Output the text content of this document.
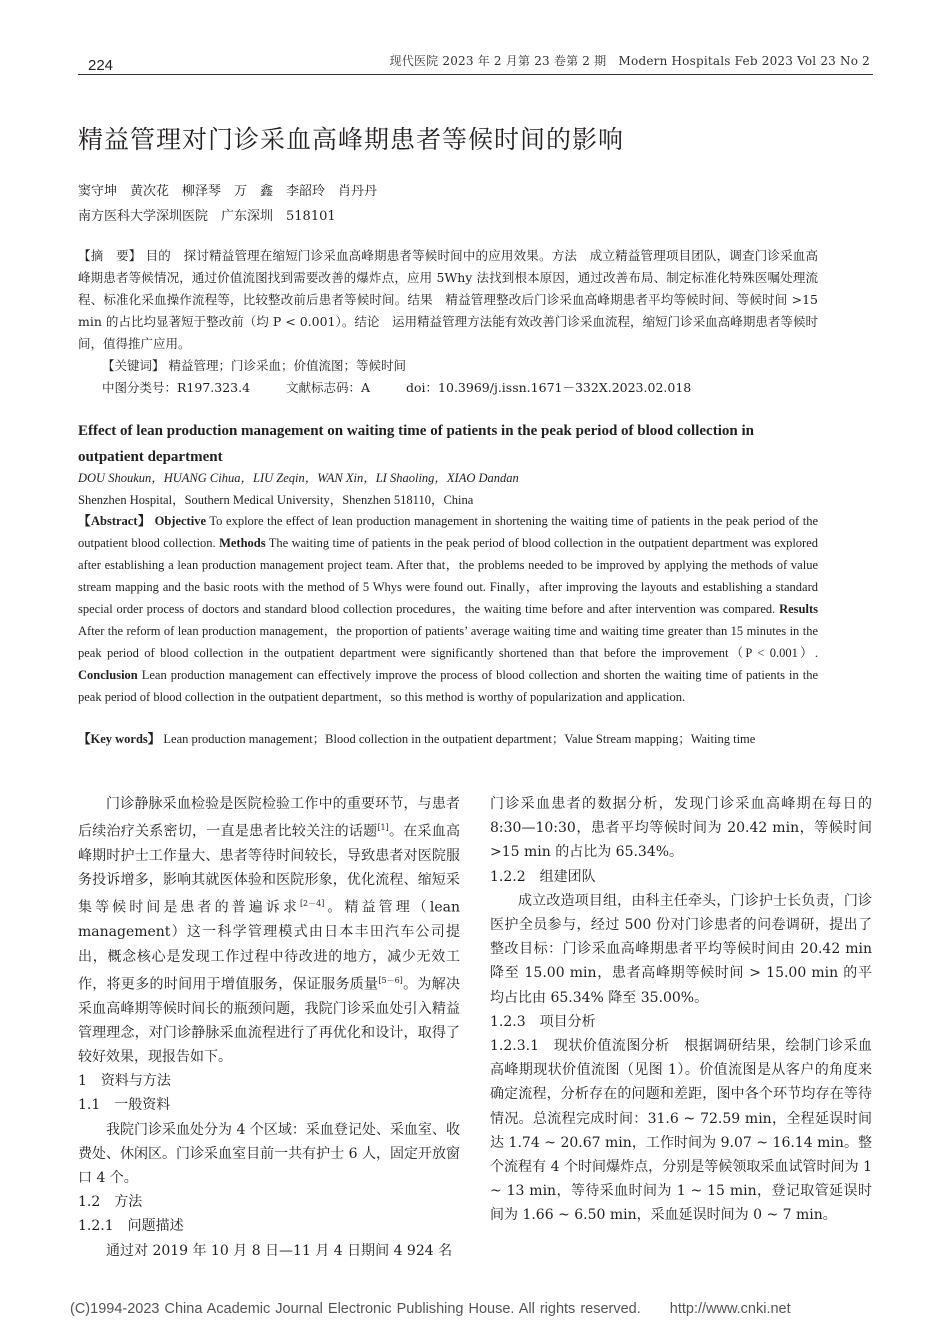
224	现代医院 2023 年 2 月第 23 卷第 2 期　Modern Hospitals Feb 2023 Vol 23 No 2
精益管理对门诊采血高峰期患者等候时间的影响
窦守坤　黄次花　柳泽琴　万　鑫　李韶玲　肖丹丹
南方医科大学深圳医院　广东深圳　518101
【摘　要】 目的　探讨精益管理在缩短门诊采血高峰期患者等候时间中的应用效果。方法　成立精益管理项目团队，调查门诊采血高峰期患者等候情况，通过价值流图找到需要改善的爆炸点，应用 5Why 法找到根本原因，通过改善布局、制定标准化特殊医嘱处理流程、标准化采血操作流程等，比较整改前后患者等候时间。结果　精益管理整改后门诊采血高峰期患者平均等候时间、等候时间 >15 min 的占比均显著短于整改前（均 P < 0.001）。结论　运用精益管理方法能有效改善门诊采血流程，缩短门诊采血高峰期患者等候时间，值得推广应用。
【关键词】 精益管理；门诊采血；价值流图；等候时间
中图分类号：R197.323.4	文献标志码：A	doi：10.3969/j.issn.1671－332X.2023.02.018
Effect of lean production management on waiting time of patients in the peak period of blood collection in outpatient department
DOU Shoukun，HUANG Cihua，LIU Zeqin，WAN Xin，LI Shaoling，XIAO Dandan
Shenzhen Hospital，Southern Medical University，Shenzhen 518110，China
【Abstract】 Objective To explore the effect of lean production management in shortening the waiting time of patients in the peak period of the outpatient blood collection. Methods The waiting time of patients in the peak period of blood collection in the outpatient department was explored after establishing a lean production management project team. After that，the problems needed to be improved by applying the methods of value stream mapping and the basic roots with the method of 5 Whys were found out. Finally，after improving the layouts and establishing a standard special order process of doctors and standard blood collection procedures，the waiting time before and after intervention was compared. Results After the reform of lean production management，the proportion of patients’ average waiting time and waiting time greater than 15 minutes in the peak period of blood collection in the outpatient department were significantly shortened than that before the improvement（P < 0.001）. Conclusion Lean production management can effectively improve the process of blood collection and shorten the waiting time of patients in the peak period of blood collection in the outpatient department，so this method is worthy of popularization and application.
【Key words】 Lean production management；Blood collection in the outpatient department；Value Stream mapping；Waiting time

门诊静脉采血检验是医院检验工作中的重要环节，与患者后续治疗关系密切，一直是患者比较关注的话题[1]。在采血高峰期时护士工作量大、患者等待时间较长，导致患者对医院服务投诉增多，影响其就医体验和医院形象，优化流程、缩短采集等候时间是患者的普遍诉求[2－4]。精益管理（lean management）这一科学管理模式由日本丰田汽车公司提出，概念核心是发现工作过程中待改进的地方，减少无效工作，将更多的时间用于增值服务，保证服务质量[5－6]。为解决采血高峰期等候时间长的瓶颈问题，我院门诊采血处引入精益管理理念，对门诊静脉采血流程进行了再优化和设计，取得了较好效果，现报告如下。

1　资料与方法

1.1　一般资料

我院门诊采血处分为 4 个区域：采血登记处、采血室、收费处、休闲区。门诊采血室目前一共有护士 6 人，固定开放窗口 4 个。

1.2　方法

1.2.1　问题描述

通过对 2019 年 10 月 8 日—11 月 4 日期间 4 924 名

门诊采血患者的数据分析，发现门诊采血高峰期在每日的 8:30—10:30，患者平均等候时间为 20.42 min，等候时间 >15 min 的占比为 65.34%。

1.2.2　组建团队

成立改造项目组，由科主任牵头，门诊护士长负责，门诊医护全员参与，经过 500 份对门诊患者的问卷调研，提出了整改目标：门诊采血高峰期患者平均等候时间由 20.42 min 降至 15.00 min，患者高峰期等候时间 > 15.00 min 的平均占比由 65.34% 降至 35.00%。

1.2.3　项目分析

1.2.3.1　现状价值流图分析　 根据调研结果，绘制门诊采血高峰期现状价值流图（见图 1）。价值流图是从客户的角度来确定流程，分析存在的问题和差距，图中各个环节均存在等待情况。总流程完成时间：31.6 ~ 72.59 min，全程延误时间达 1.74 ~ 20.67 min，工作时间为 9.07 ~ 16.14 min。整个流程有 4 个时间爆炸点，分别是等候领取采血试管时间为 1 ~ 13 min，等待采血时间为 1 ~ 15 min，登记取管延误时间为 1.66 ~ 6.50 min，采血延误时间为 0 ~ 7 min。

(C)1994-2023 China Academic Journal Electronic Publishing House. All rights reserved.　　http://www.cnki.net
